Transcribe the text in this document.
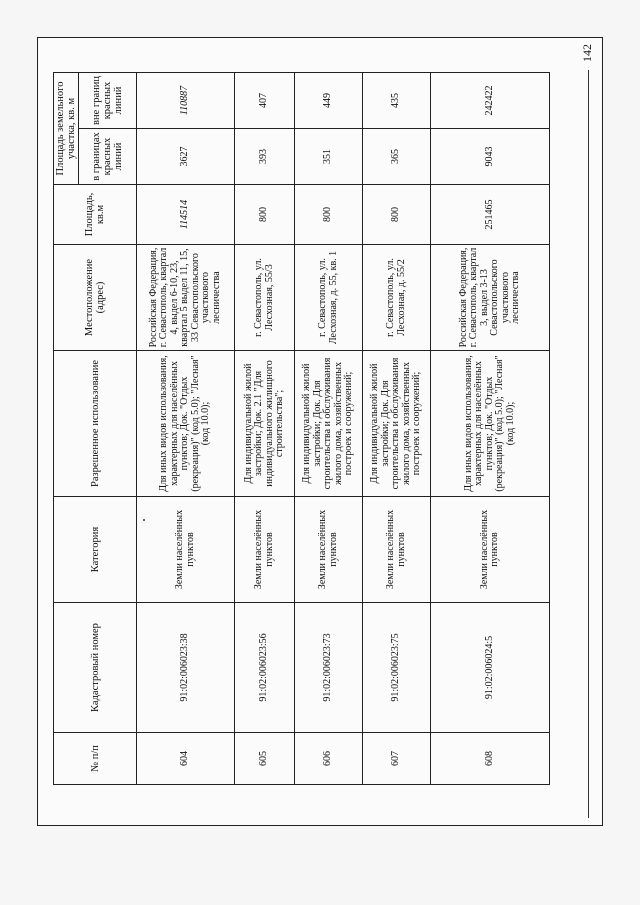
142
№ п/п	Кадастровый номер	Категория	Разрешенное использование	Местоположение (адрес)	Площадь, кв.м	Площадь земельного участка, кв. м	
						в границах красных линий	вне границ красных линий
604	91:02:006023:38	Земли населённых пунктов	Для иных видов использования, характерных для населённых пунктов; Док. "Отдых (рекреация)" (код 5.0); "Лесная" (код 10.0);	Российская Федерация, г. Севастополь, квартал 4, выдел 6-10, 23, квартал 5 выдел 11, 15, 33 Севастопольского участкового лесничества	114514	3627	110887
605	91:02:006023:56	Земли населённых пунктов	Для индивидуальной жилой застройки; Док. 2.1 "Для индивидуального жилищного строительства";	г. Севастополь, ул. Лесхозная, 55/3	800	393	407
606	91:02:006023:73	Земли населённых пунктов	Для индивидуальной жилой застройки; Док. Для строительства и обслуживания жилого дома, хозяйственных построек и сооружений;	г. Севастополь, ул. Лесхозная, д. 55, кв. 1	800	351	449
607	91:02:006023:75	Земли населённых пунктов	Для индивидуальной жилой застройки; Док. Для строительства и обслуживания жилого дома, хозяйственных построек и сооружений;	г. Севастополь, ул. Лесхозная, д. 55/2	800	365	435
608	91:02:006024:5	Земли населённых пунктов	Для иных видов использования, характерных для населённых пунктов; Док. "Отдых (рекреация)" (код 5.0); "Лесная" (код 10.0);	Российская Федерация, г. Севастополь, квартал 3, выдел 3-13 Севастопольского участкового лесничества	251465	9043	242422
